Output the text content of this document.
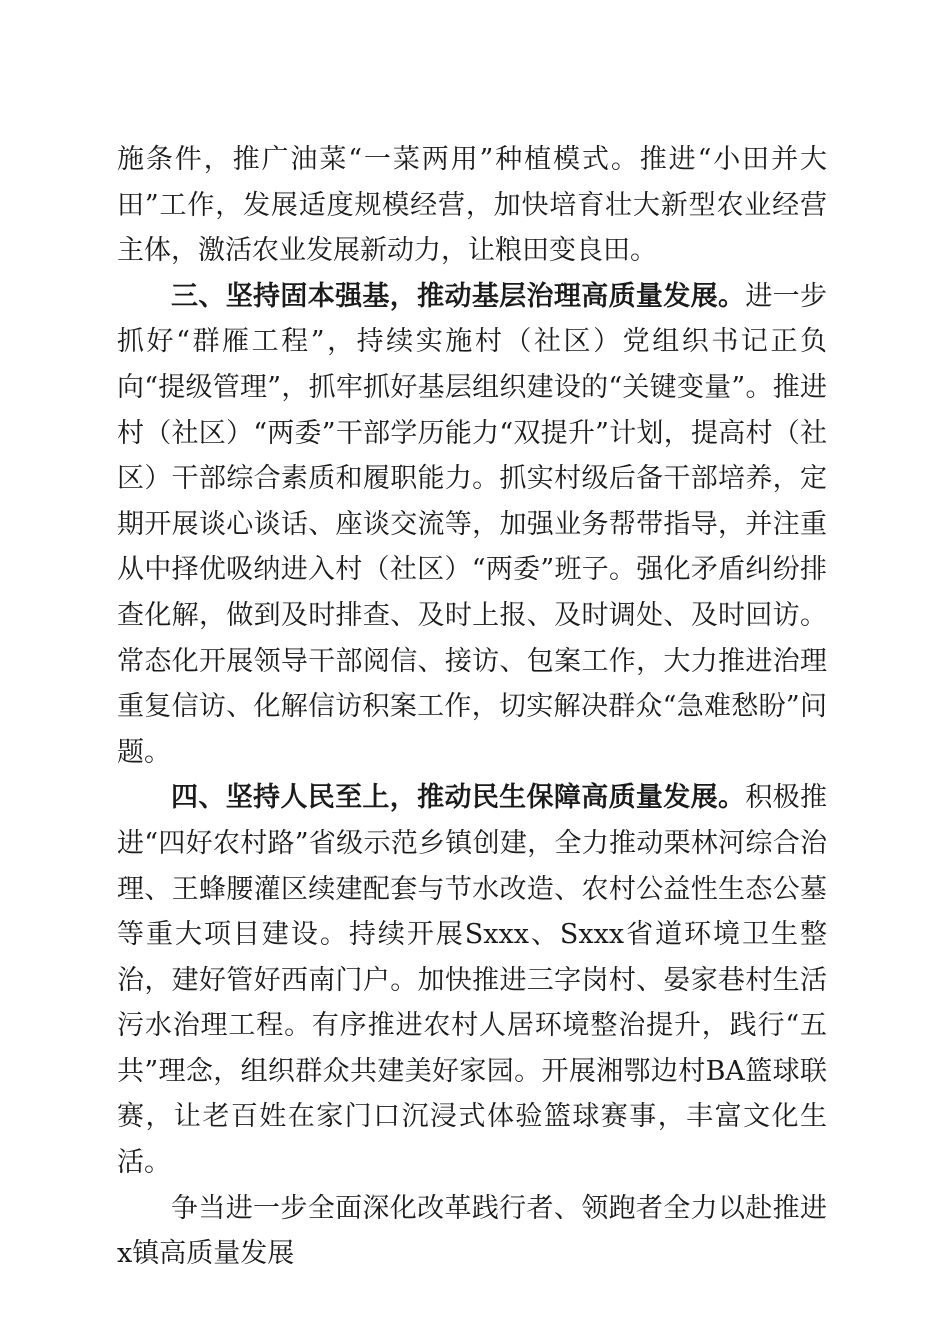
施条件，推广油菜“一菜两用”种植模式。推进“小田并大田”工作，发展适度规模经营，加快培育壮大新型农业经营主体，激活农业发展新动力，让粮田变良田。

三、坚持固本强基，推动基层治理高质量发展。进一步抓好“群雁工程”，持续实施村（社区）党组织书记正负向“提级管理”，抓牢抓好基层组织建设的“关键变量”。推进村（社区）“两委”干部学历能力“双提升”计划，提高村（社区）干部综合素质和履职能力。抓实村级后备干部培养，定期开展谈心谈话、座谈交流等，加强业务帮带指导，并注重从中择优吸纳进入村（社区）“两委”班子。强化矛盾纠纷排查化解，做到及时排查、及时上报、及时调处、及时回访。常态化开展领导干部阅信、接访、包案工作，大力推进治理重复信访、化解信访积案工作，切实解决群众“急难愁盼”问题。

四、坚持人民至上，推动民生保障高质量发展。积极推进“四好农村路”省级示范乡镇创建，全力推动栗林河综合治理、王蜂腰灌区续建配套与节水改造、农村公益性生态公墓等重大项目建设。持续开展Sxxx、Sxxx省道环境卫生整治，建好管好西南门户。加快推进三字岗村、晏家巷村生活污水治理工程。有序推进农村人居环境整治提升，践行“五共”理念，组织群众共建美好家园。开展湘鄂边村BA篮球联赛，让老百姓在家门口沉浸式体验篮球赛事，丰富文化生活。

争当进一步全面深化改革践行者、领跑者全力以赴推进x镇高质量发展
